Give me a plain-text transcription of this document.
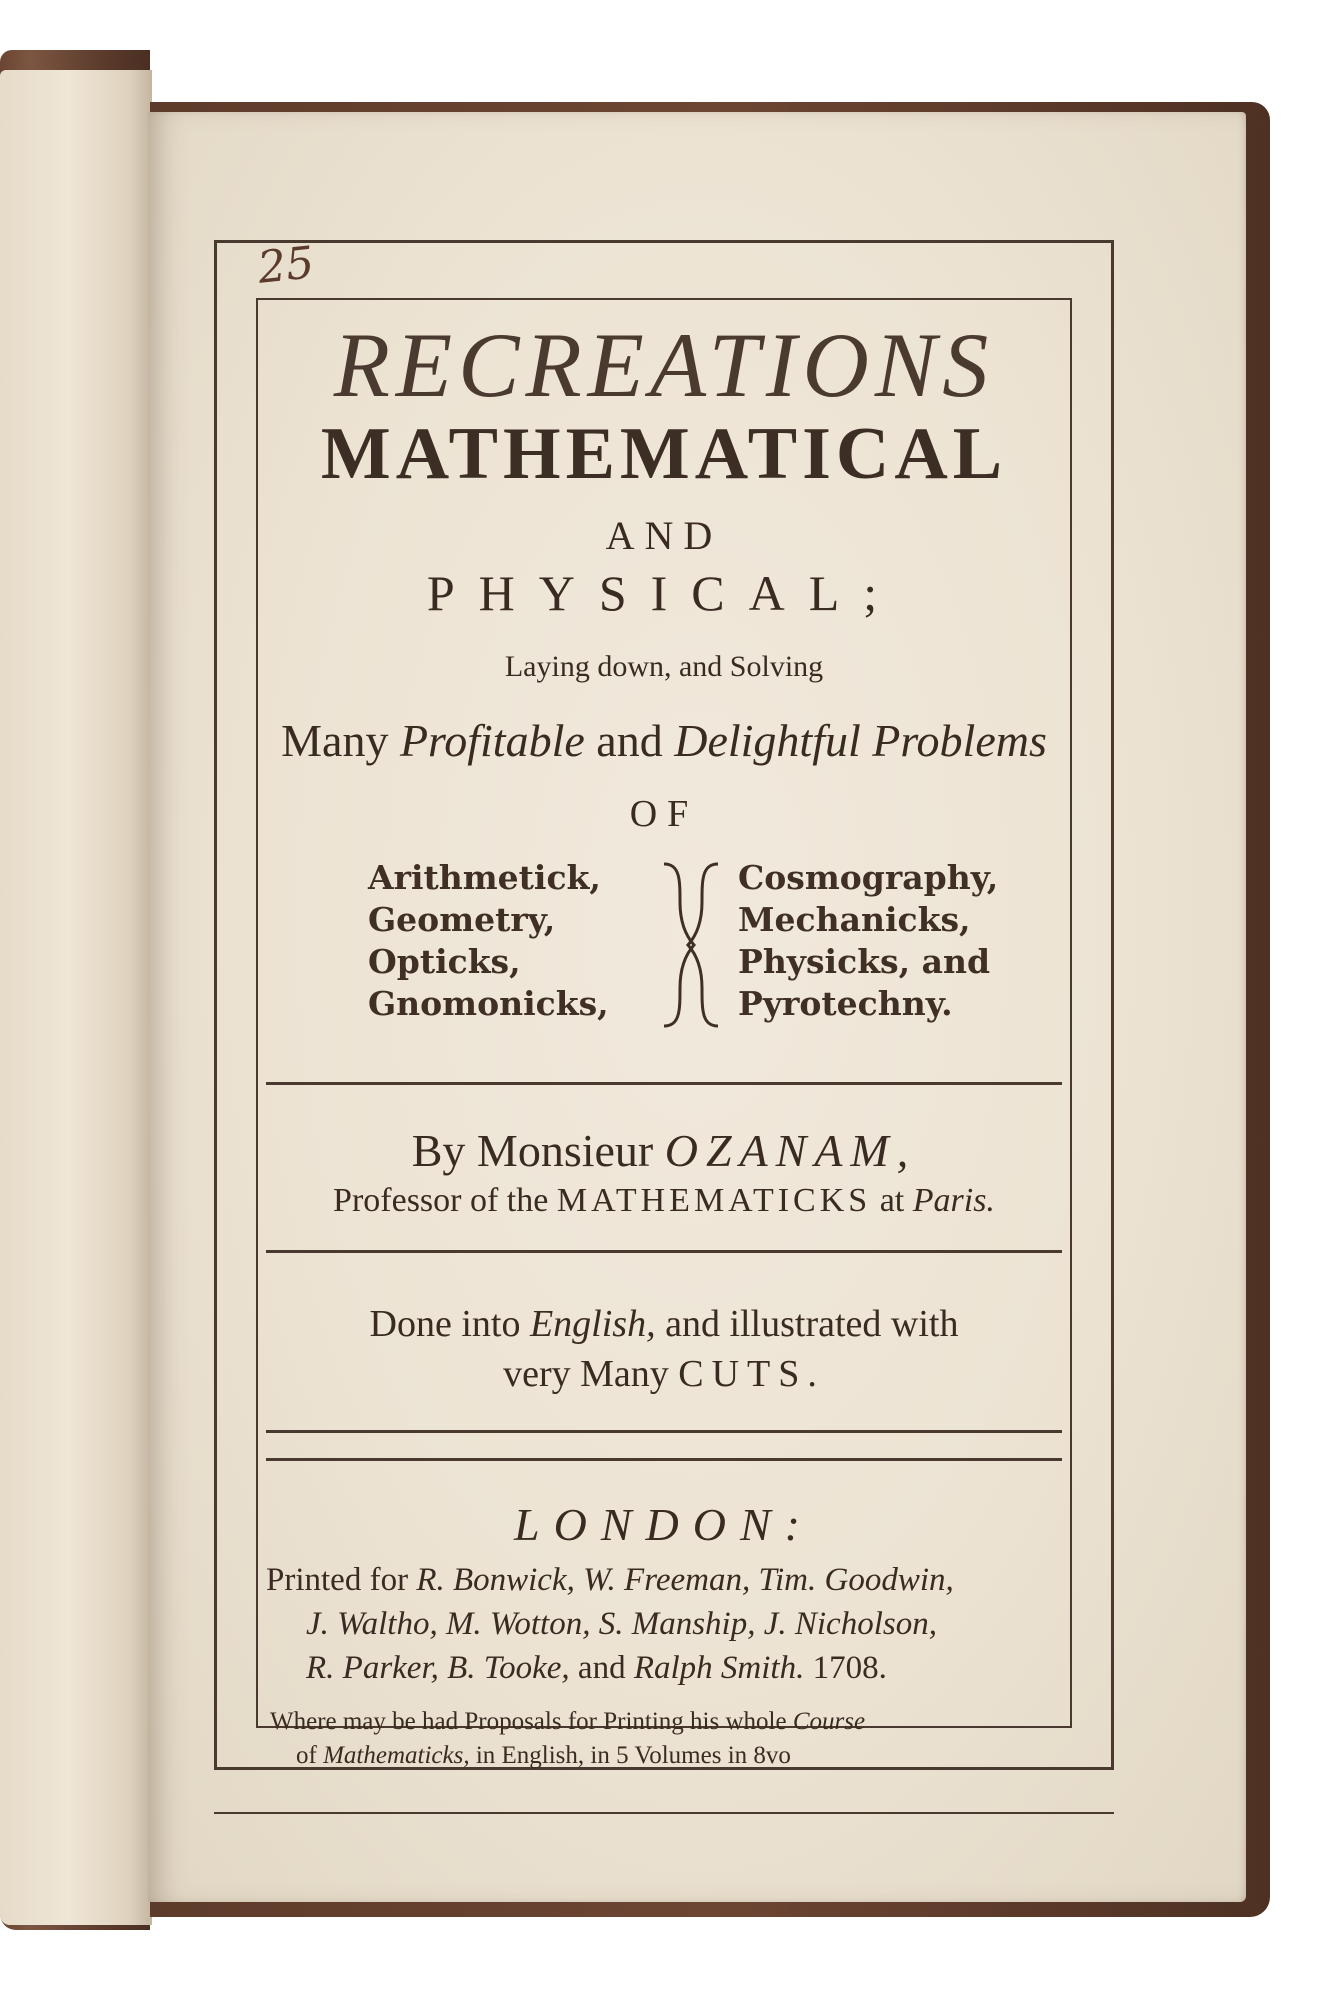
25
RECREATIONS
MATHEMATICAL
AND
PHYSICAL;
Laying down, and Solving
Many Profitable and Delightful Problems
OF
Arithmetick,
Geometry,
Opticks,
Gnomonicks,
Cosmography,
Mechanicks,
Physicks, and
Pyrotechny.
By Monsieur OZANAM,
Professor of the MATHEMATICKS at Paris.
Done into English, and illustrated with
very Many CUTS.
LONDON:
Printed for R. Bonwick, W. Freeman, Tim. Goodwin,
J. Waltho, M. Wotton, S. Manship, J. Nicholson,
R. Parker, B. Tooke, and Ralph Smith. 1708.
Where may be had Proposals for Printing his whole Course
of Mathematicks, in English, in 5 Volumes in 8vo
